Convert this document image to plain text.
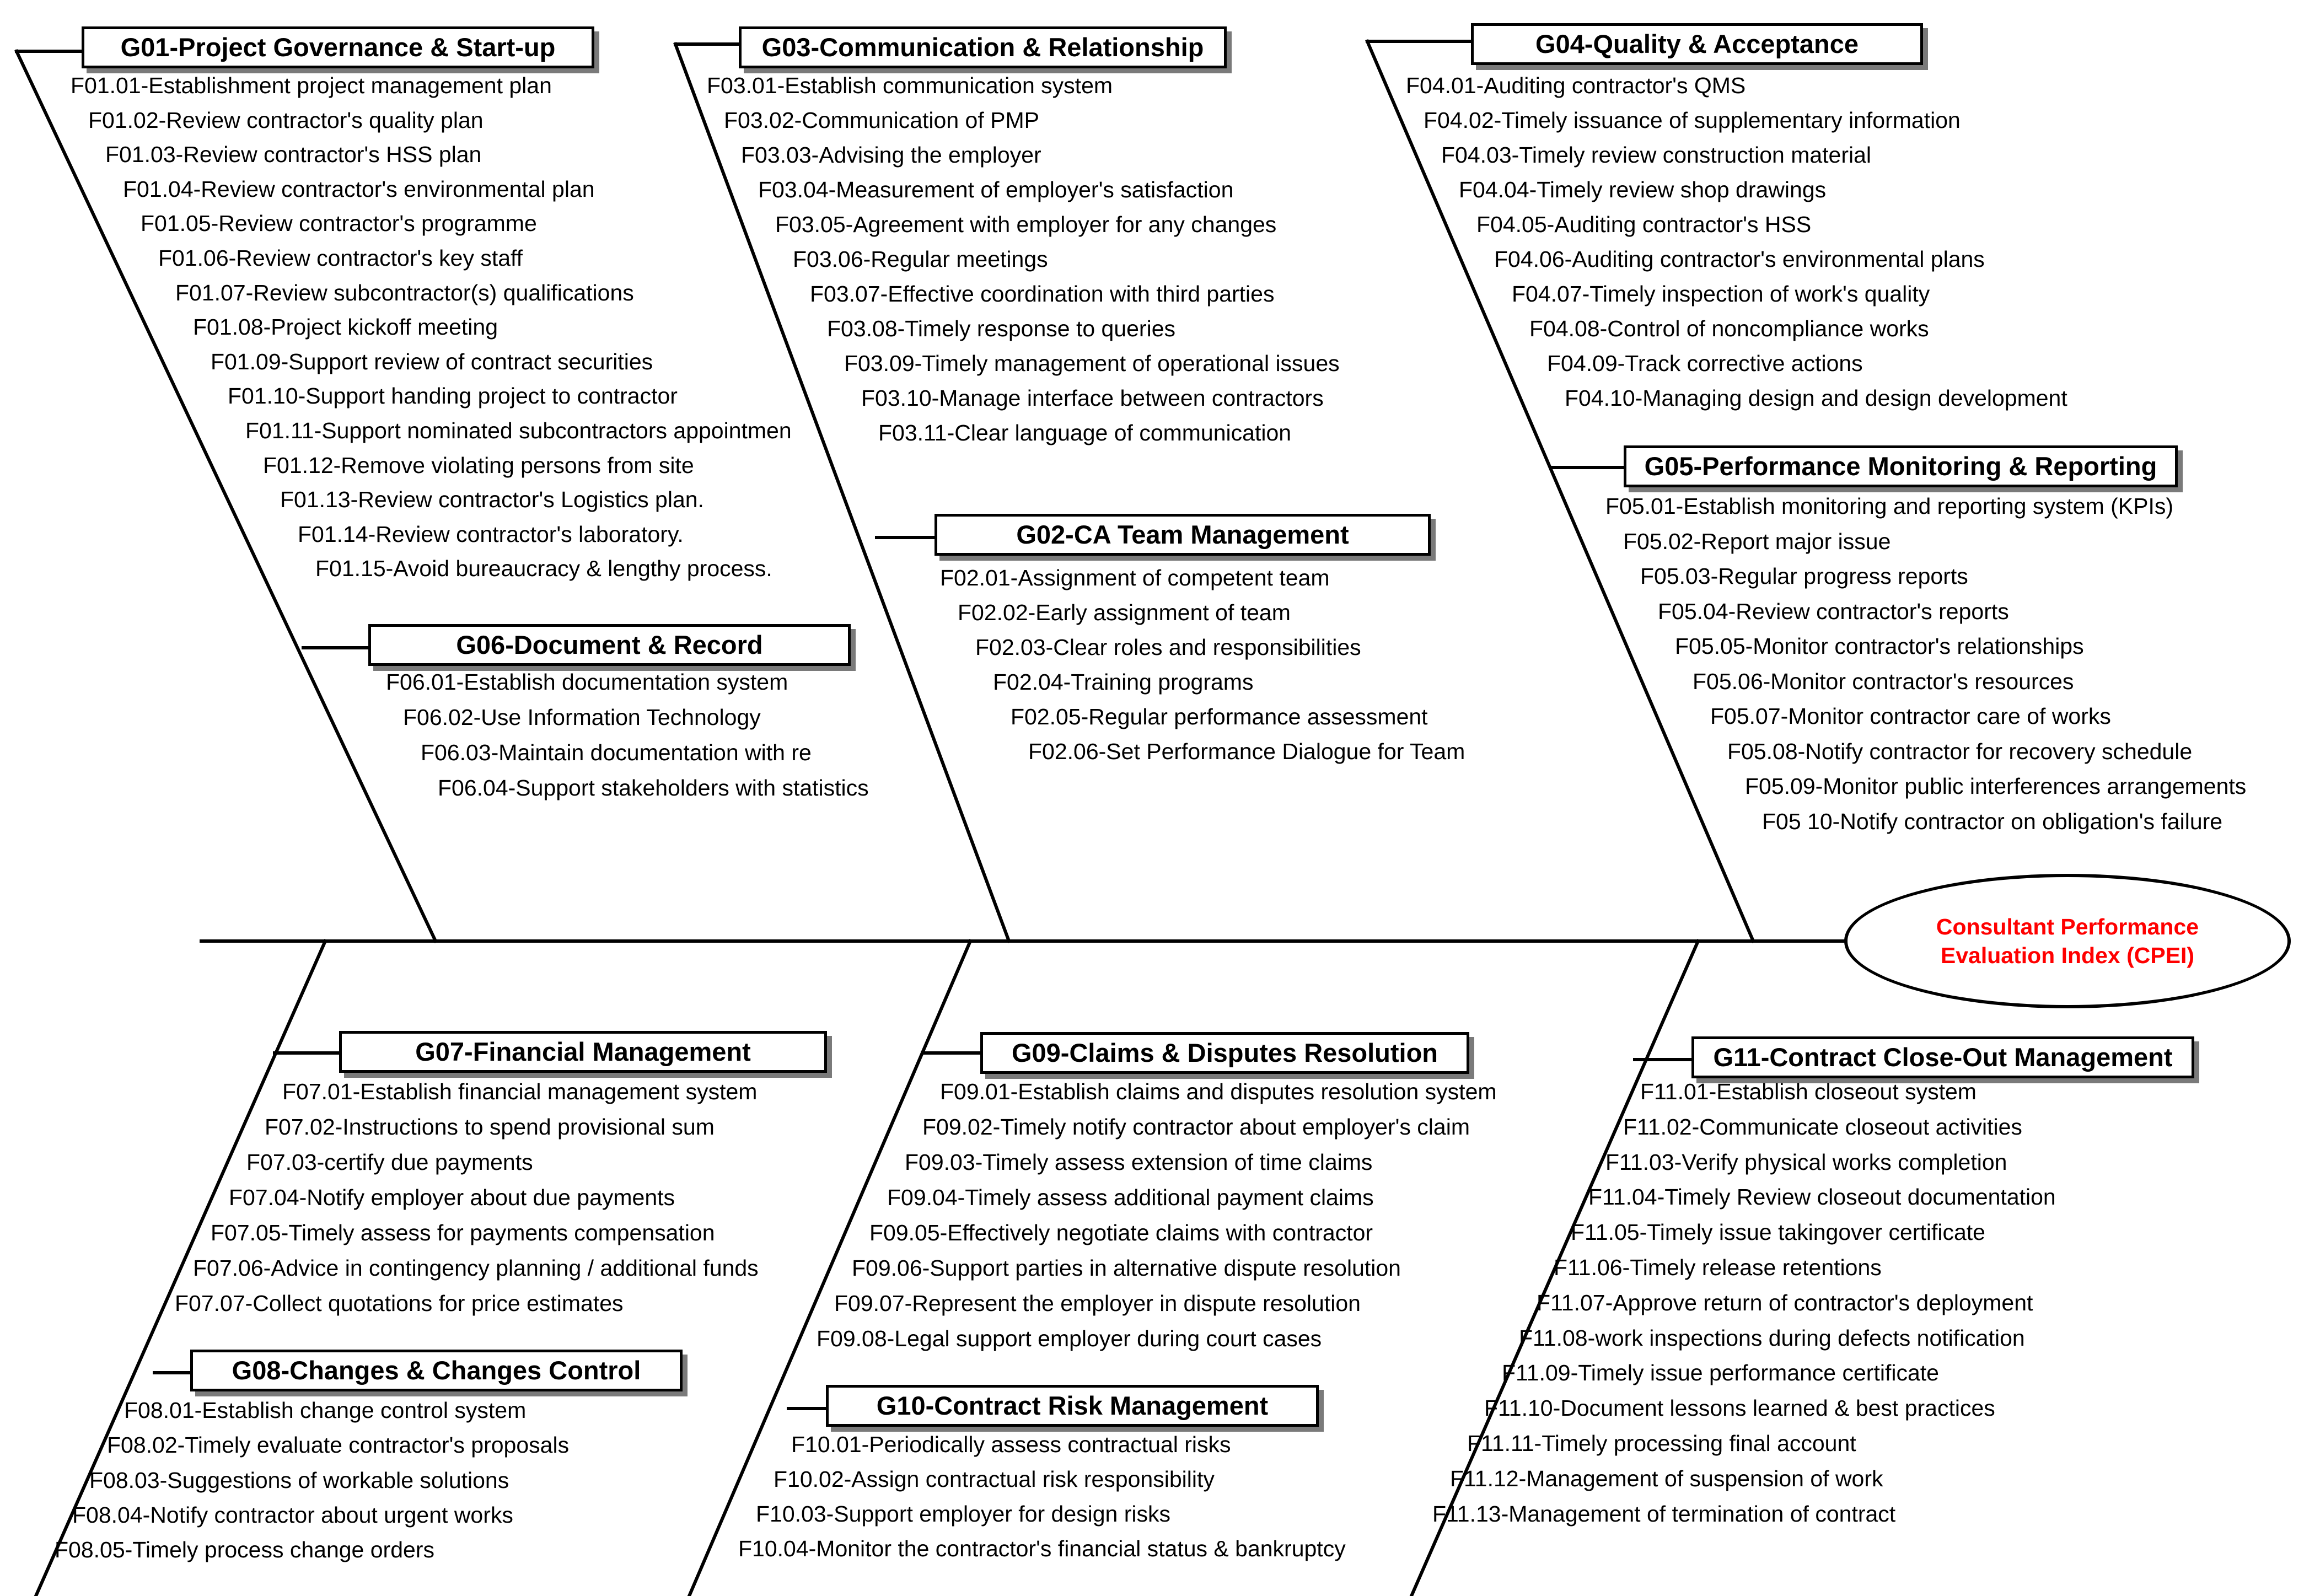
Consultant Performance Evaluation Index (CPEI)
G01-Project Governance & Start-up
F01.01-Establishment project management plan
F01.02-Review contractor's quality plan
F01.03-Review contractor's HSS plan
F01.04-Review contractor's environmental plan
F01.05-Review contractor's programme
F01.06-Review contractor's key staff
F01.07-Review subcontractor(s) qualifications
F01.08-Project kickoff meeting
F01.09-Support review of contract securities
F01.10-Support handing project to contractor
F01.11-Support nominated subcontractors appointmen
F01.12-Remove violating persons from site
F01.13-Review contractor's Logistics plan.
F01.14-Review contractor's laboratory.
F01.15-Avoid bureaucracy & lengthy process.
G02-CA Team Management
F02.01-Assignment of competent team
F02.02-Early assignment of team
F02.03-Clear roles and responsibilities
F02.04-Training programs
F02.05-Regular performance assessment
F02.06-Set Performance Dialogue for Team
G03-Communication & Relationship
F03.01-Establish communication system
F03.02-Communication of PMP
F03.03-Advising the employer
F03.04-Measurement of employer's satisfaction
F03.05-Agreement with employer for any changes
F03.06-Regular meetings
F03.07-Effective coordination with third parties
F03.08-Timely response to queries
F03.09-Timely management of operational issues
F03.10-Manage interface between contractors
F03.11-Clear language of communication
G04-Quality & Acceptance
F04.01-Auditing contractor's QMS
F04.02-Timely issuance of supplementary information
F04.03-Timely review construction material
F04.04-Timely review shop drawings
F04.05-Auditing contractor's HSS
F04.06-Auditing contractor's environmental plans
F04.07-Timely inspection of work's quality
F04.08-Control of noncompliance works
F04.09-Track corrective actions
F04.10-Managing design and design development
G05-Performance Monitoring & Reporting
F05.01-Establish monitoring and reporting system (KPIs)
F05.02-Report major issue
F05.03-Regular progress reports
F05.04-Review contractor's reports
F05.05-Monitor contractor's relationships
F05.06-Monitor contractor's resources
F05.07-Monitor contractor care of works
F05.08-Notify contractor for recovery schedule
F05.09-Monitor public interferences arrangements
F05 10-Notify contractor on obligation's failure
G06-Document & Record
F06.01-Establish documentation system
F06.02-Use Information Technology
F06.03-Maintain documentation with re
F06.04-Support stakeholders with statistics
G07-Financial Management
F07.01-Establish financial management system
F07.02-Instructions to spend provisional sum
F07.03-certify due payments
F07.04-Notify employer about due payments
F07.05-Timely assess for payments compensation
F07.06-Advice in contingency planning / additional funds
F07.07-Collect quotations for price estimates
G08-Changes & Changes Control
F08.01-Establish change control system
F08.02-Timely evaluate contractor's proposals
F08.03-Suggestions of workable solutions
F08.04-Notify contractor about urgent works
F08.05-Timely process change orders
G09-Claims & Disputes Resolution
F09.01-Establish claims and disputes resolution system
F09.02-Timely notify contractor about employer's claim
F09.03-Timely assess extension of time claims
F09.04-Timely assess additional payment claims
F09.05-Effectively negotiate claims with contractor
F09.06-Support parties in alternative dispute resolution
F09.07-Represent the employer in dispute resolution
F09.08-Legal support employer during court cases
G10-Contract Risk Management
F10.01-Periodically assess contractual risks
F10.02-Assign contractual risk responsibility
F10.03-Support employer for design risks
F10.04-Monitor the contractor's financial status & bankruptcy
G11-Contract Close-Out Management
F11.01-Establish closeout system
F11.02-Communicate closeout activities
F11.03-Verify physical works completion
F11.04-Timely Review closeout documentation
F11.05-Timely issue takingover certificate
F11.06-Timely release retentions
F11.07-Approve return of contractor's deployment
F11.08-work inspections during defects notification
F11.09-Timely issue performance certificate
F11.10-Document lessons learned & best practices
F11.11-Timely processing final account
F11.12-Management of suspension of work
F11.13-Management of termination of contract
